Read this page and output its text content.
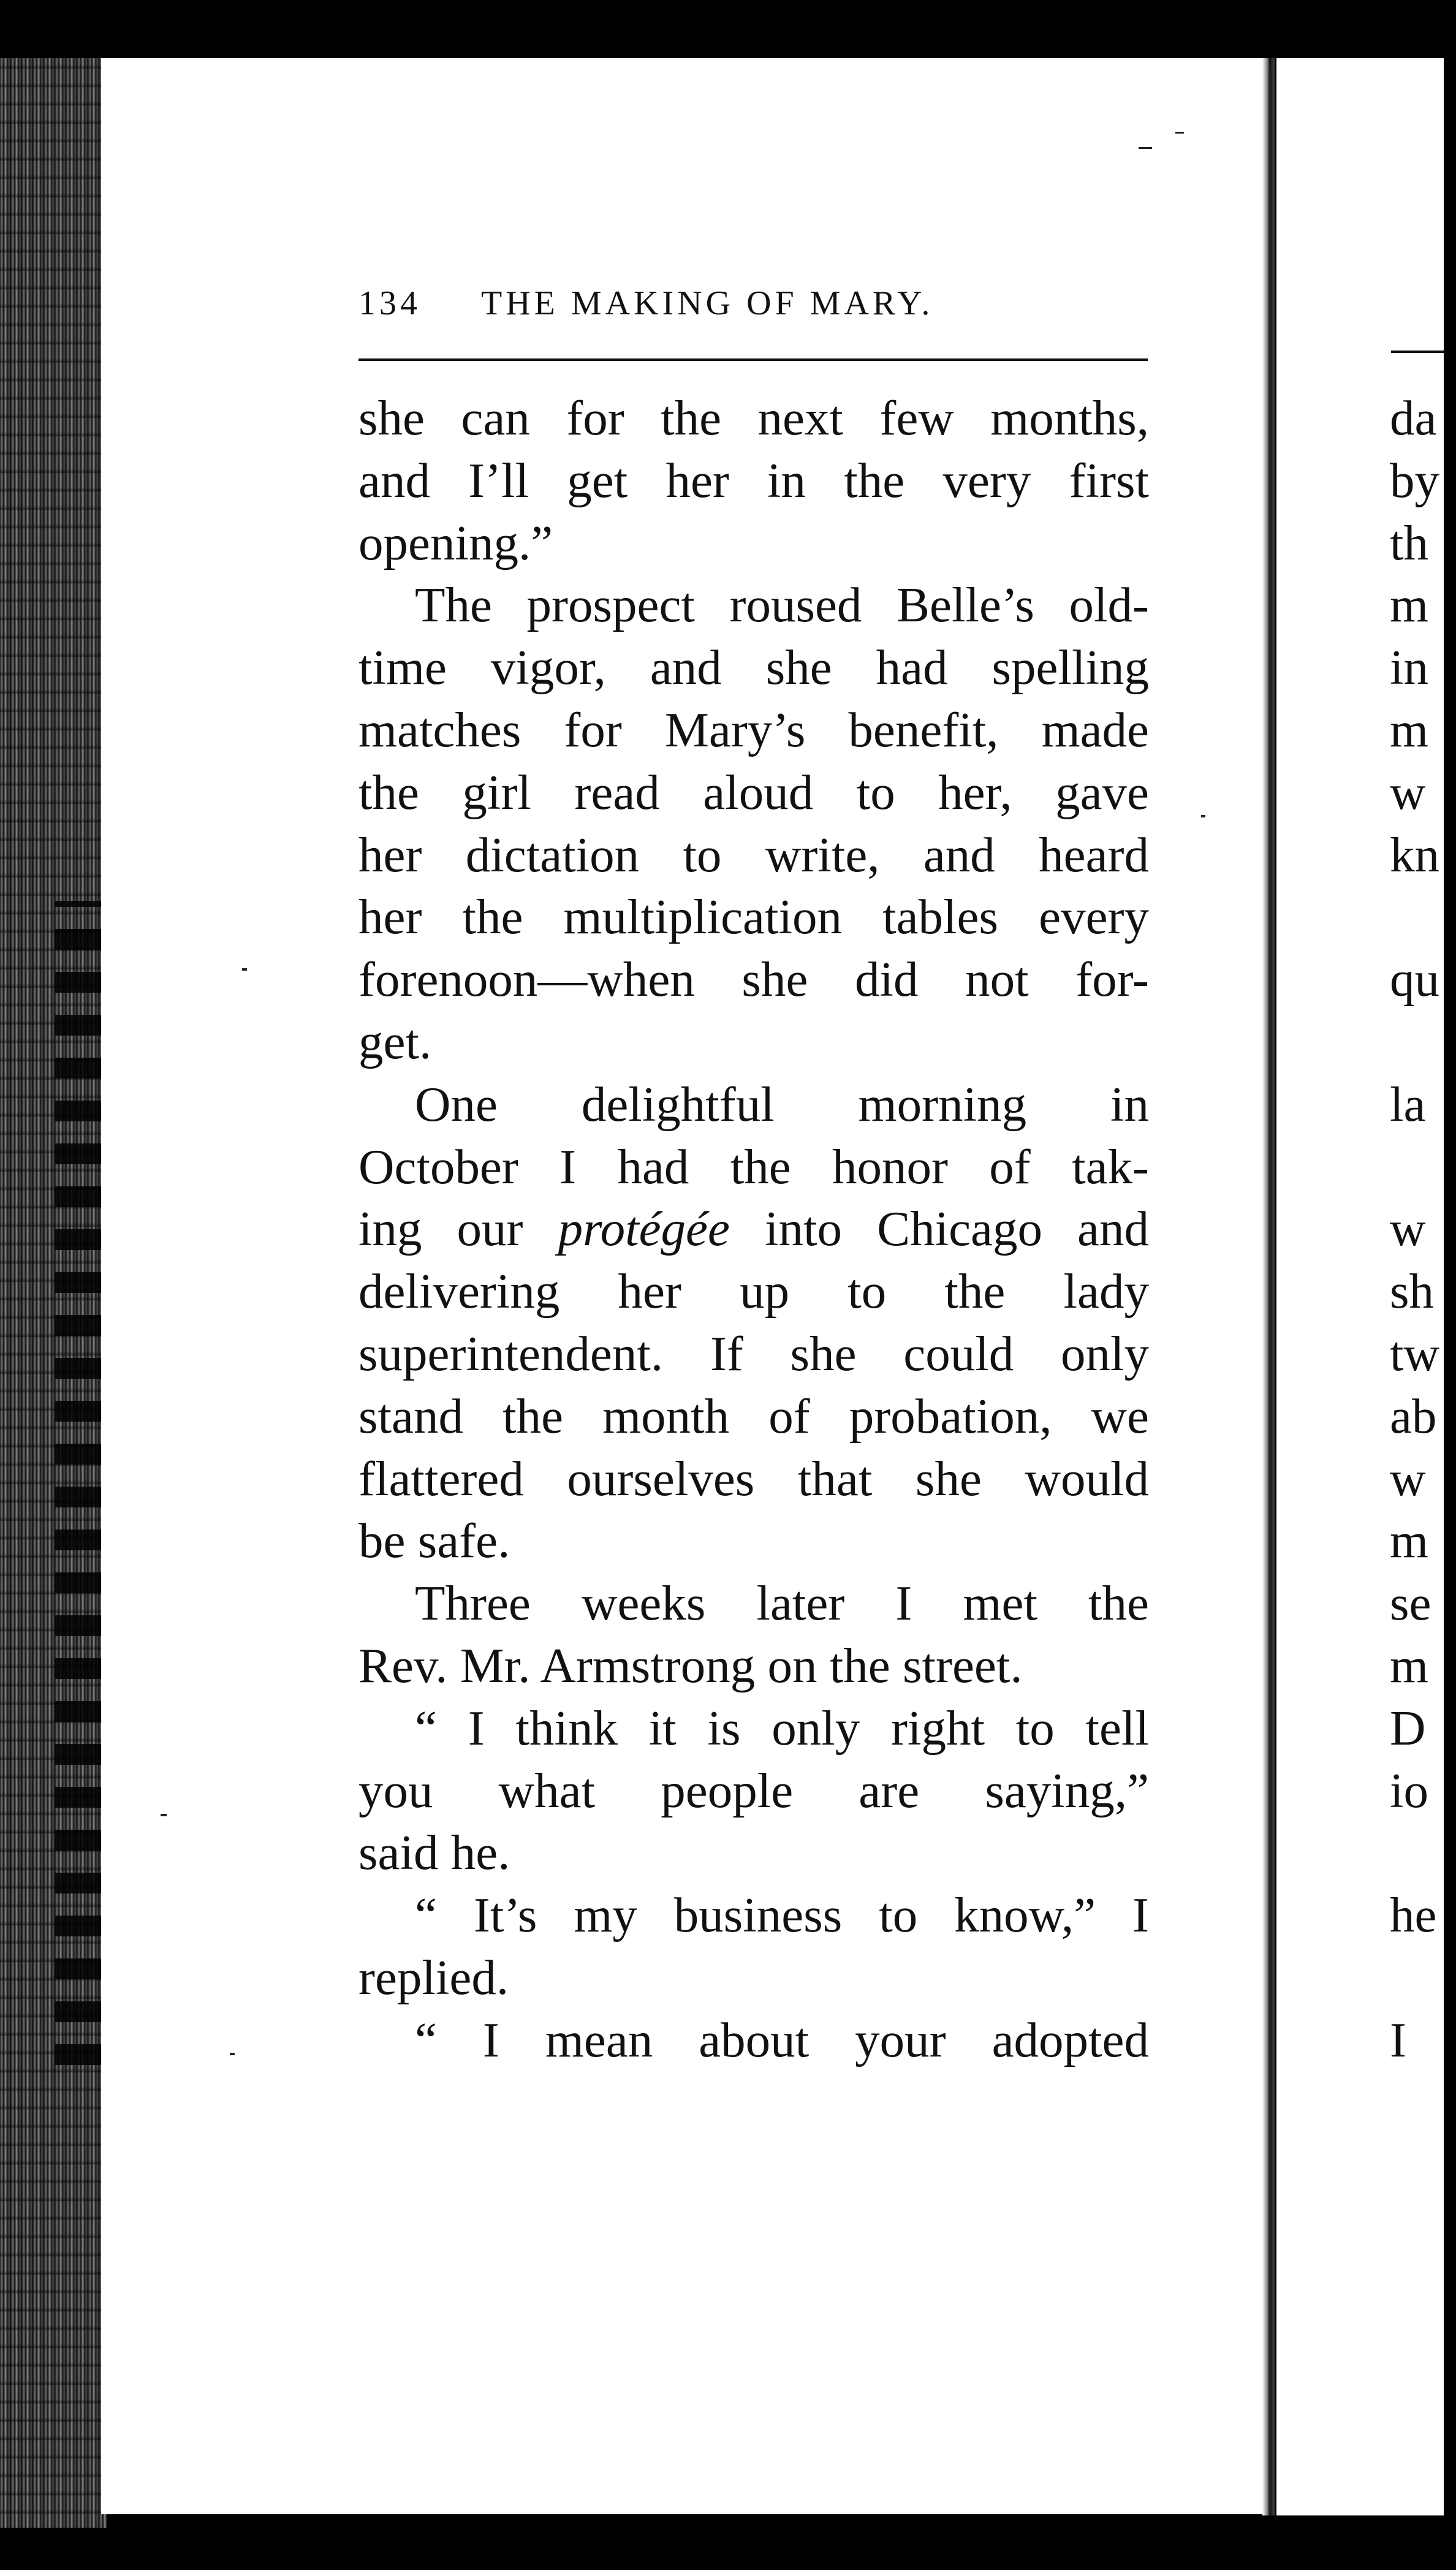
134 THE MAKING OF MARY.
she can for the next few months,
and I’ll get her in the very first
opening.”
The prospect roused Belle’s old-
time vigor, and she had spelling
matches for Mary’s benefit, made
the girl read aloud to her, gave
her dictation to write, and heard
her the multiplication tables every
forenoon—when she did not for-
get.
One delightful morning in
October I had the honor of tak-
ing our protégée into Chicago and
delivering her up to the lady
superintendent. If she could only
stand the month of probation, we
flattered ourselves that she would
be safe.
Three weeks later I met the
Rev. Mr. Armstrong on the street.
“ I think it is only right to tell
you what people are saying,”
said he.
“ It’s my business to know,” I
replied.
“ I mean about your adopted
da
by
th
m
in
m
w
kn
qu
la
w
sh
tw
ab
w
m
se
m
D
io
he
I
